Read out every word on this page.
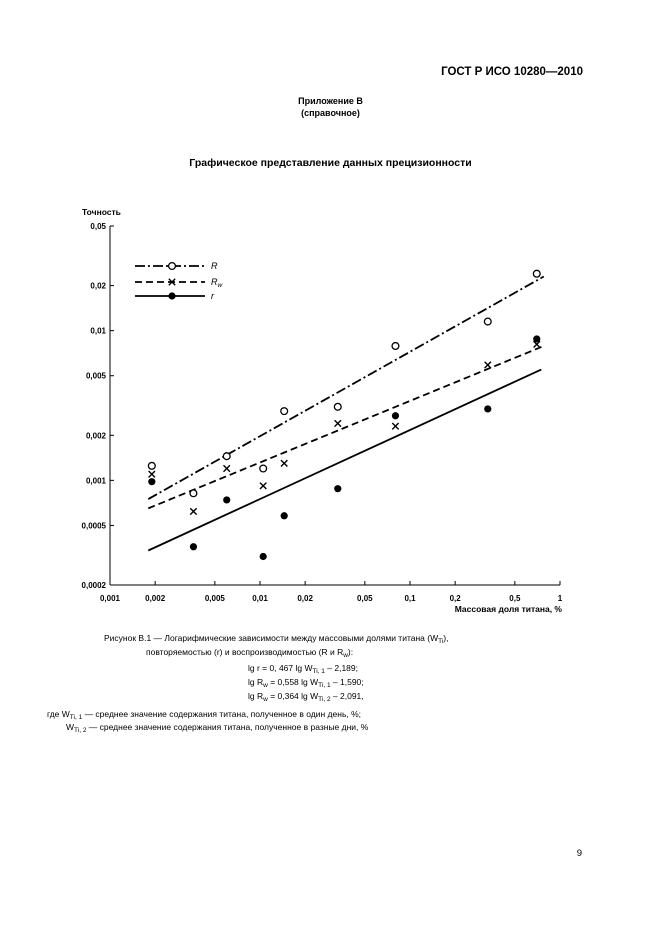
ГОСТ Р ИСО 10280—2010
Приложение В
(справочное)
Графическое представление данных прецизионности
0,001	0,002	0,005	0,01	0,02	0,05	0,1	0,2	0,5	1
0,0002
0,0005
0,001
0,002
0,005
0,01
0,02
0,05
R
$R_w$
r
Точность
Массовая доля титана, %
Рисунок В.1 — Логарифмические зависимости между массовыми долями титана $(W_{Ti})$,
повторяемостью (r) и воспроизводимостью (R и $R_w$):
lg r = 0, 467 $\lg W_{Ti, 1} - 2,189$;
$\lg R_w = 0,558$ $\lg W_{Ti, 1} - 1,590$;
$\lg R_w = 0,364$ $\lg W_{Ti, 2} - 2,091$,
где $W_{Ti, 1}$ — среднее значение содержания титана, полученное в один день, %;
$W_{Ti, 2}$ — среднее значение содержания титана, полученное в разные дни, %
9
